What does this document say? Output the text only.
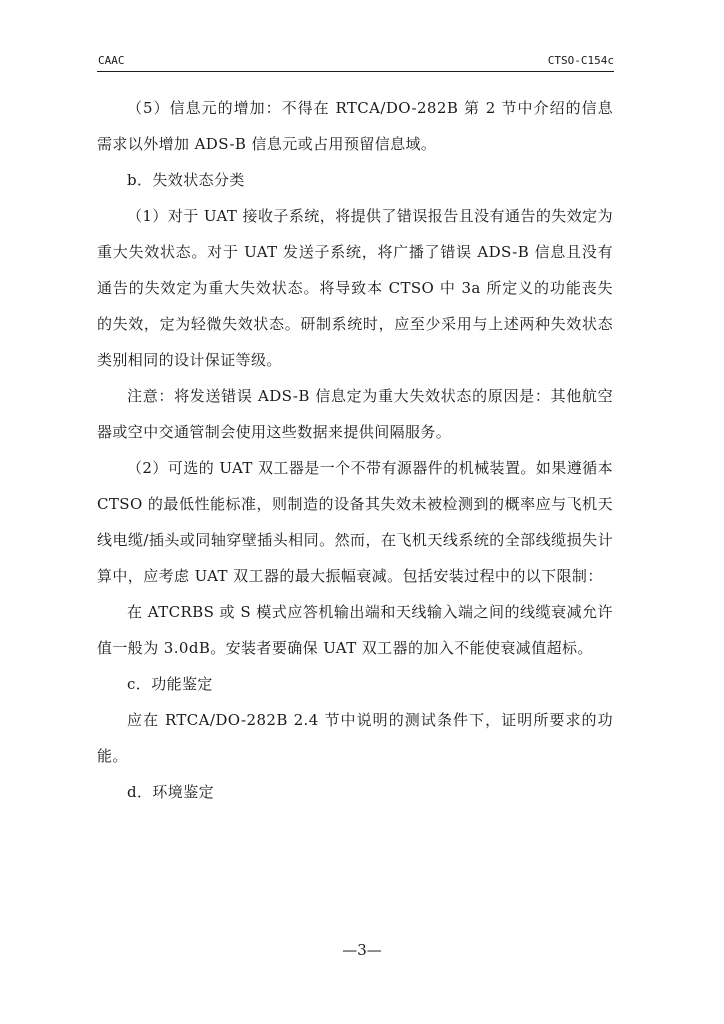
CAAC	CTSO-C154c

（5）信息元的增加：不得在 RTCA/DO-282B 第 2 节中介绍的信息需求以外增加 ADS-B 信息元或占用预留信息域。

b．失效状态分类

（1）对于 UAT 接收子系统，将提供了错误报告且没有通告的失效定为重大失效状态。对于 UAT 发送子系统，将广播了错误 ADS-B 信息且没有通告的失效定为重大失效状态。将导致本 CTSO 中 3a 所定义的功能丧失的失效，定为轻微失效状态。研制系统时，应至少采用与上述两种失效状态类别相同的设计保证等级。

注意：将发送错误 ADS-B 信息定为重大失效状态的原因是：其他航空器或空中交通管制会使用这些数据来提供间隔服务。

（2）可选的 UAT 双工器是一个不带有源器件的机械装置。如果遵循本 CTSO 的最低性能标准，则制造的设备其失效未被检测到的概率应与飞机天线电缆/插头或同轴穿壁插头相同。然而，在飞机天线系统的全部线缆损失计算中，应考虑 UAT 双工器的最大振幅衰减。包括安装过程中的以下限制：

在 ATCRBS 或 S 模式应答机输出端和天线输入端之间的线缆衰减允许值一般为 3.0dB。安装者要确保 UAT 双工器的加入不能使衰减值超标。

c．功能鉴定

应在 RTCA/DO-282B 2.4 节中说明的测试条件下，证明所要求的功能。

d．环境鉴定

—3—
